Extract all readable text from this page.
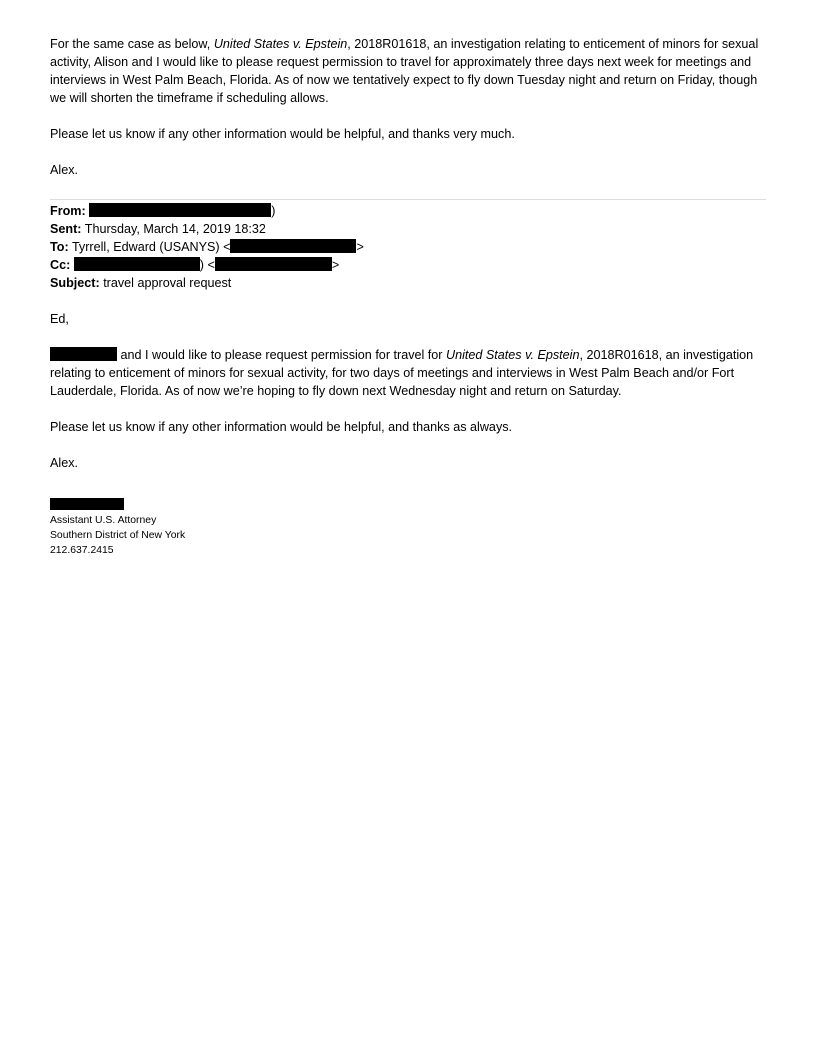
For the same case as below, United States v. Epstein, 2018R01618, an investigation relating to enticement of minors for sexual activity, Alison and I would like to please request permission to travel for approximately three days next week for meetings and interviews in West Palm Beach, Florida. As of now we tentatively expect to fly down Tuesday night and return on Friday, though we will shorten the timeframe if scheduling allows.

Please let us know if any other information would be helpful, and thanks very much.

Alex.

From:	)

Sent: Thursday, March 14, 2019 18:32

To: Tyrrell, Edward (USANYS) <	>

Cc:	) <	>

Subject: travel approval request

Ed,

and I would like to please request permission for travel for United States v. Epstein, 2018R01618, an investigation relating to enticement of minors for sexual activity, for two days of meetings and interviews in West Palm Beach and/or Fort Lauderdale, Florida. As of now we’re hoping to fly down next Wednesday night and return on Saturday.

Please let us know if any other information would be helpful, and thanks as always.

Alex.

Assistant U.S. Attorney

Southern District of New York

212.637.2415
